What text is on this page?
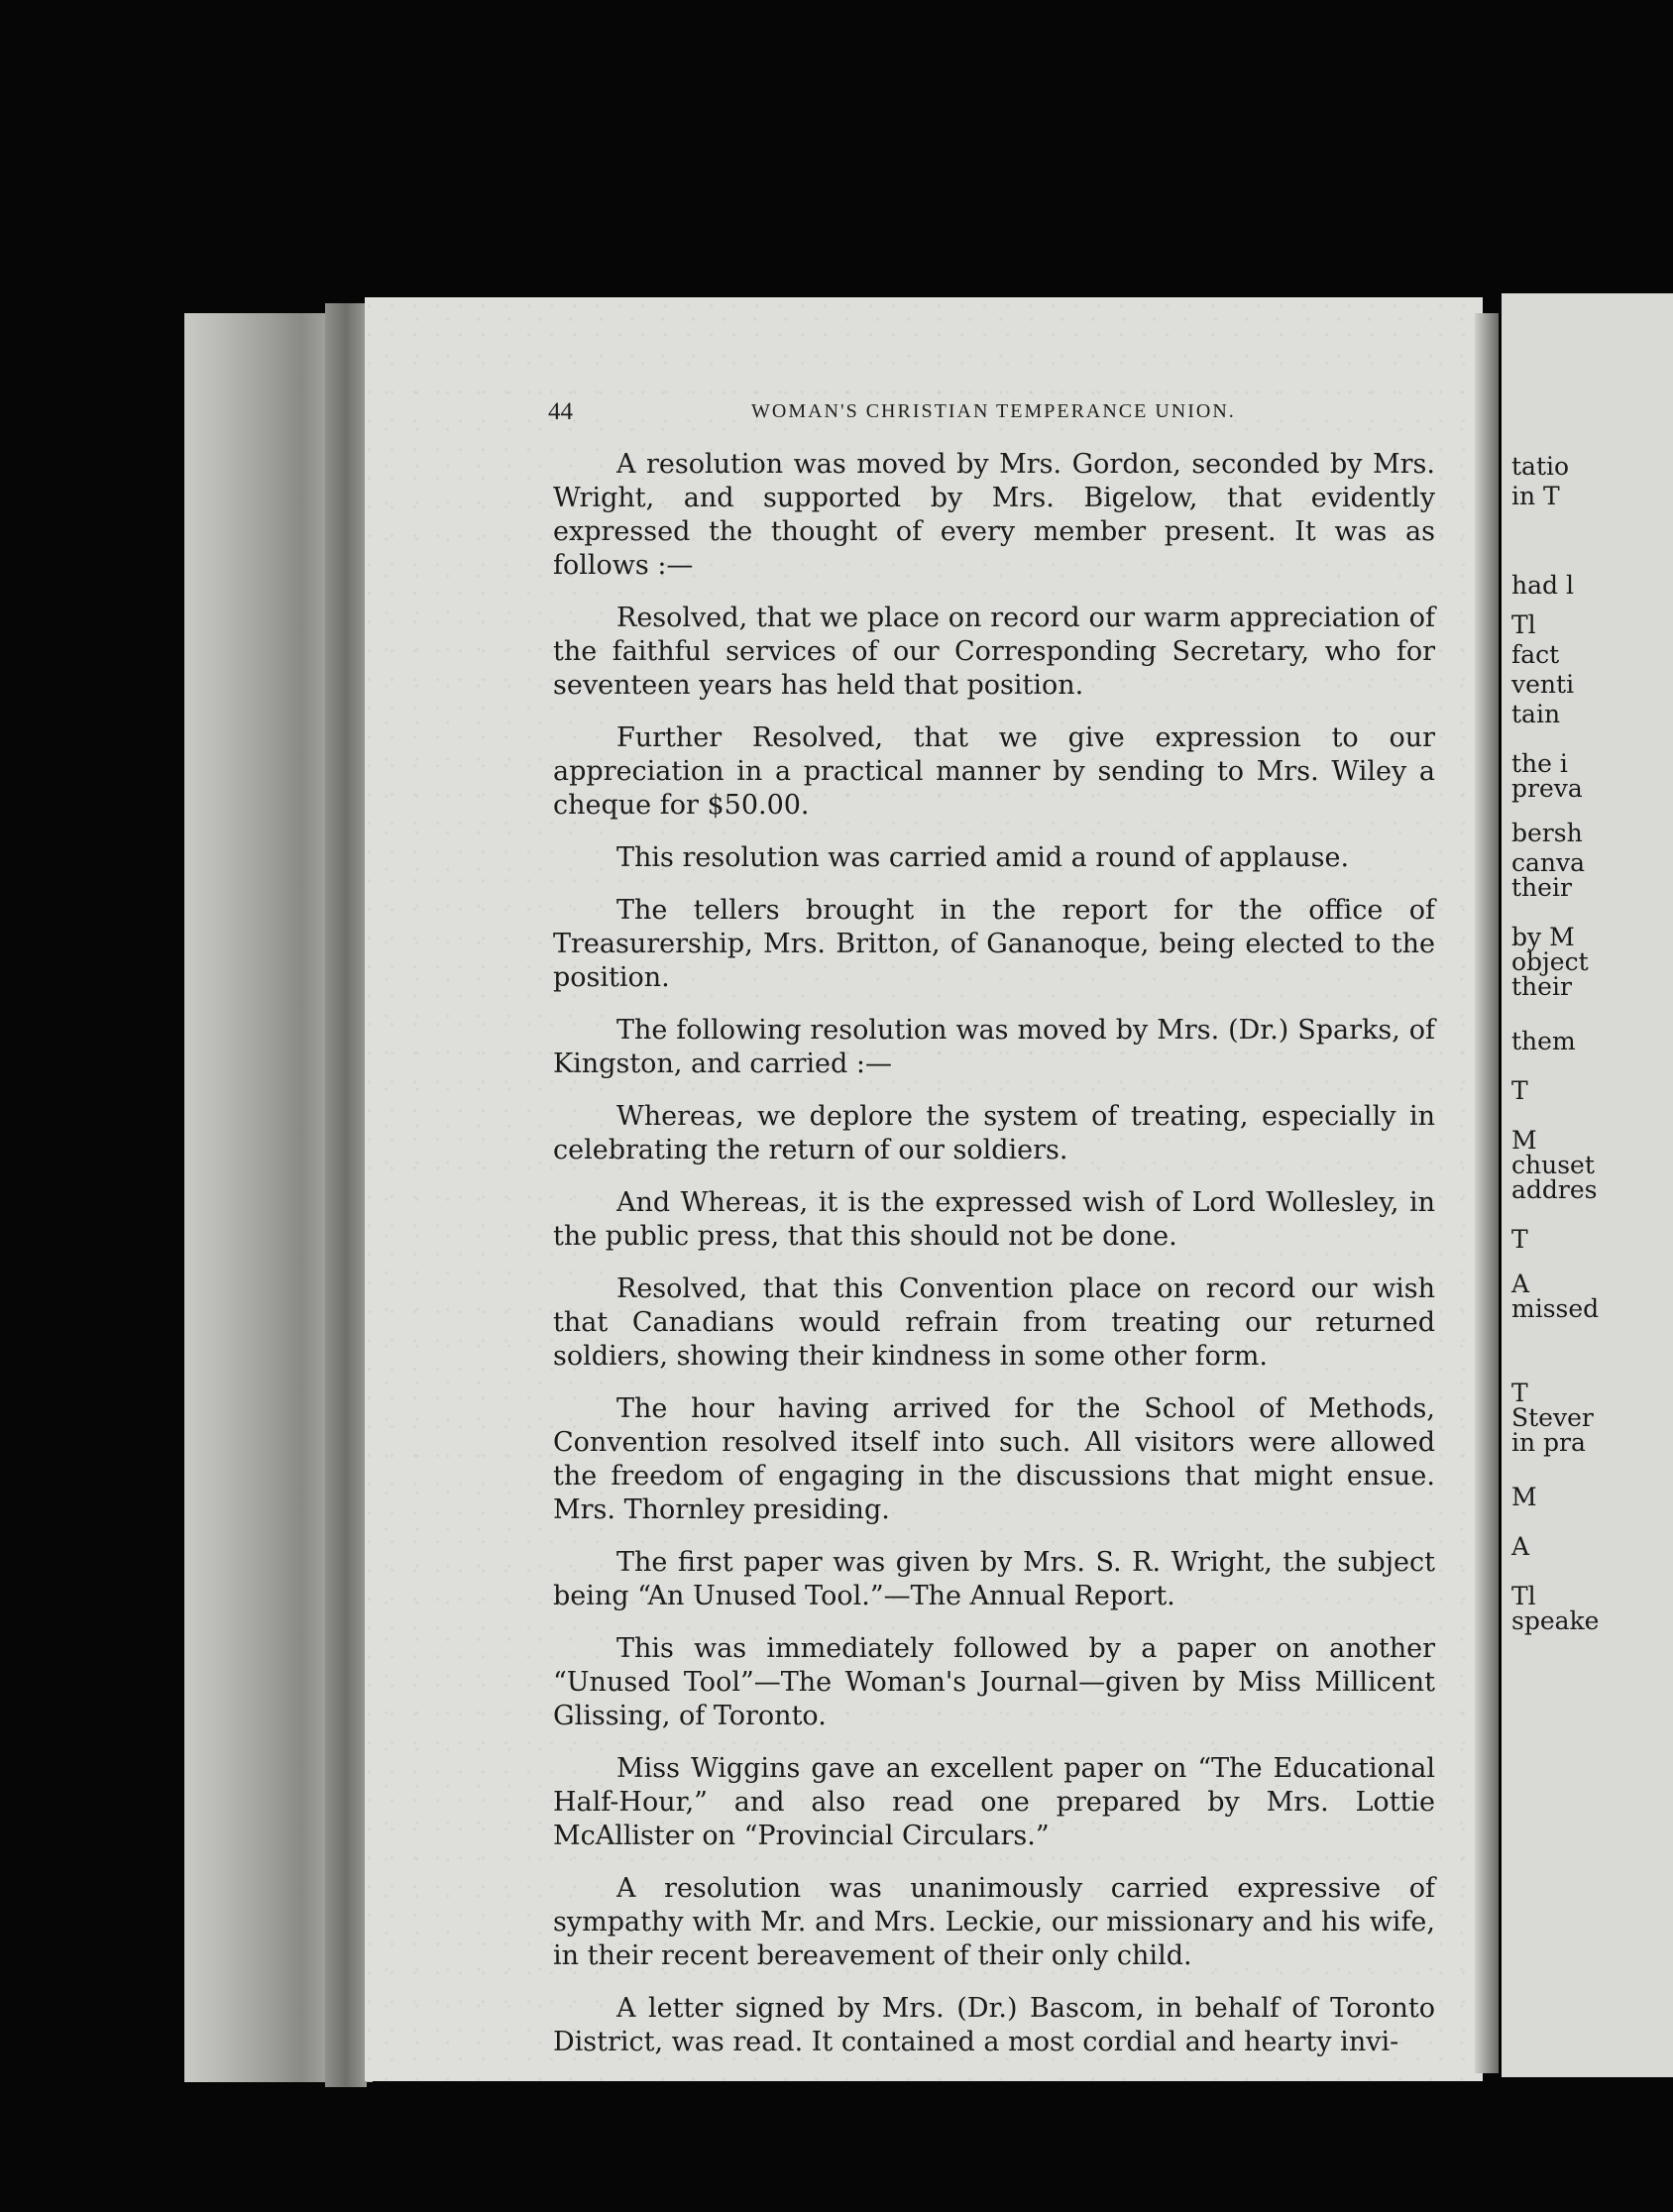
44	WOMAN'S CHRISTIAN TEMPERANCE UNION.

A resolution was moved by Mrs. Gordon, seconded by Mrs. Wright, and supported by Mrs. Bigelow, that evidently expressed the thought of every member present. It was as follows :—

Resolved, that we place on record our warm appreciation of the faithful services of our Corresponding Secretary, who for seventeen years has held that position.

Further Resolved, that we give expression to our appreciation in a practical manner by sending to Mrs. Wiley a cheque for $50.00.

This resolution was carried amid a round of applause.

The tellers brought in the report for the office of Treasurership, Mrs. Britton, of Gananoque, being elected to the position.

The following resolution was moved by Mrs. (Dr.) Sparks, of Kingston, and carried :—

Whereas, we deplore the system of treating, especially in celebrating the return of our soldiers.

And Whereas, it is the expressed wish of Lord Wollesley, in the public press, that this should not be done.

Resolved, that this Convention place on record our wish that Canadians would refrain from treating our returned soldiers, showing their kindness in some other form.

The hour having arrived for the School of Methods, Convention resolved itself into such. All visitors were allowed the freedom of engaging in the discussions that might ensue. Mrs. Thornley presiding.

The first paper was given by Mrs. S. R. Wright, the subject being “An Unused Tool.”—The Annual Report.

This was immediately followed by a paper on another “Unused Tool”—The Woman's Journal—given by Miss Millicent Glissing, of Toronto.

Miss Wiggins gave an excellent paper on “The Educational Half-Hour,” and also read one prepared by Mrs. Lottie McAllister on “Provincial Circulars.”

A resolution was unanimously carried expressive of sympathy with Mr. and Mrs. Leckie, our missionary and his wife, in their recent bereavement of their only child.

A letter signed by Mrs. (Dr.) Bascom, in behalf of Toronto District, was read. It contained a most cordial and hearty invi-

tatio
in T
had l
Tl
fact
venti
tain
the i
preva
bersh
canva
their
by M
object
their
them
T
M
chuset
addres
T
A
missed
T
Stever
in pra
M
A
Tl
speake
